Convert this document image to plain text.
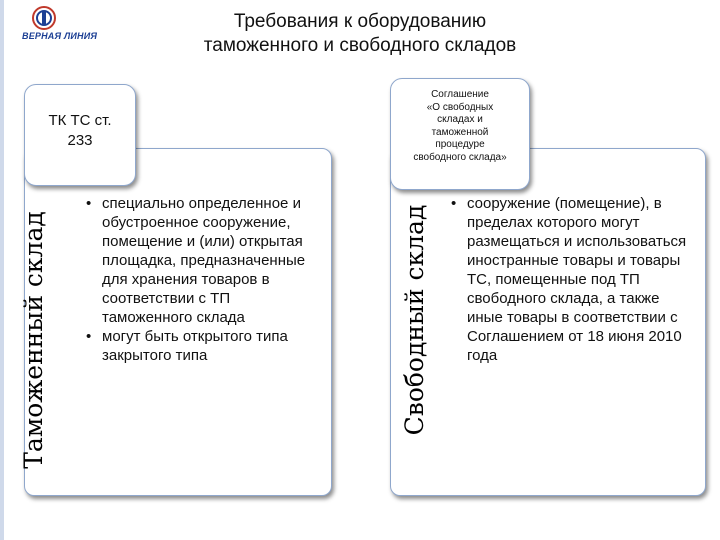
ВЕРНАЯ ЛИНИЯ
Требования к оборудованию
таможенного и свободного складов
Таможенный склад
ТК ТС ст.
233
• специально определенное и обустроенное сооружение, помещение и (или) открытая площадка, предназначенные для хранения товаров в соответствии с ТП таможенного склада
• могут быть открытого типа закрытого типа	Свободный склад
Соглашение
«О свободных
складах и
таможенной
процедуре
свободного склада»
• сооружение (помещение), в пределах которого могут размещаться и использоваться иностранные товары и товары ТС, помещенные под ТП свободного склада, а также иные товары в соответствии с Соглашением от 18 июня 2010 года
